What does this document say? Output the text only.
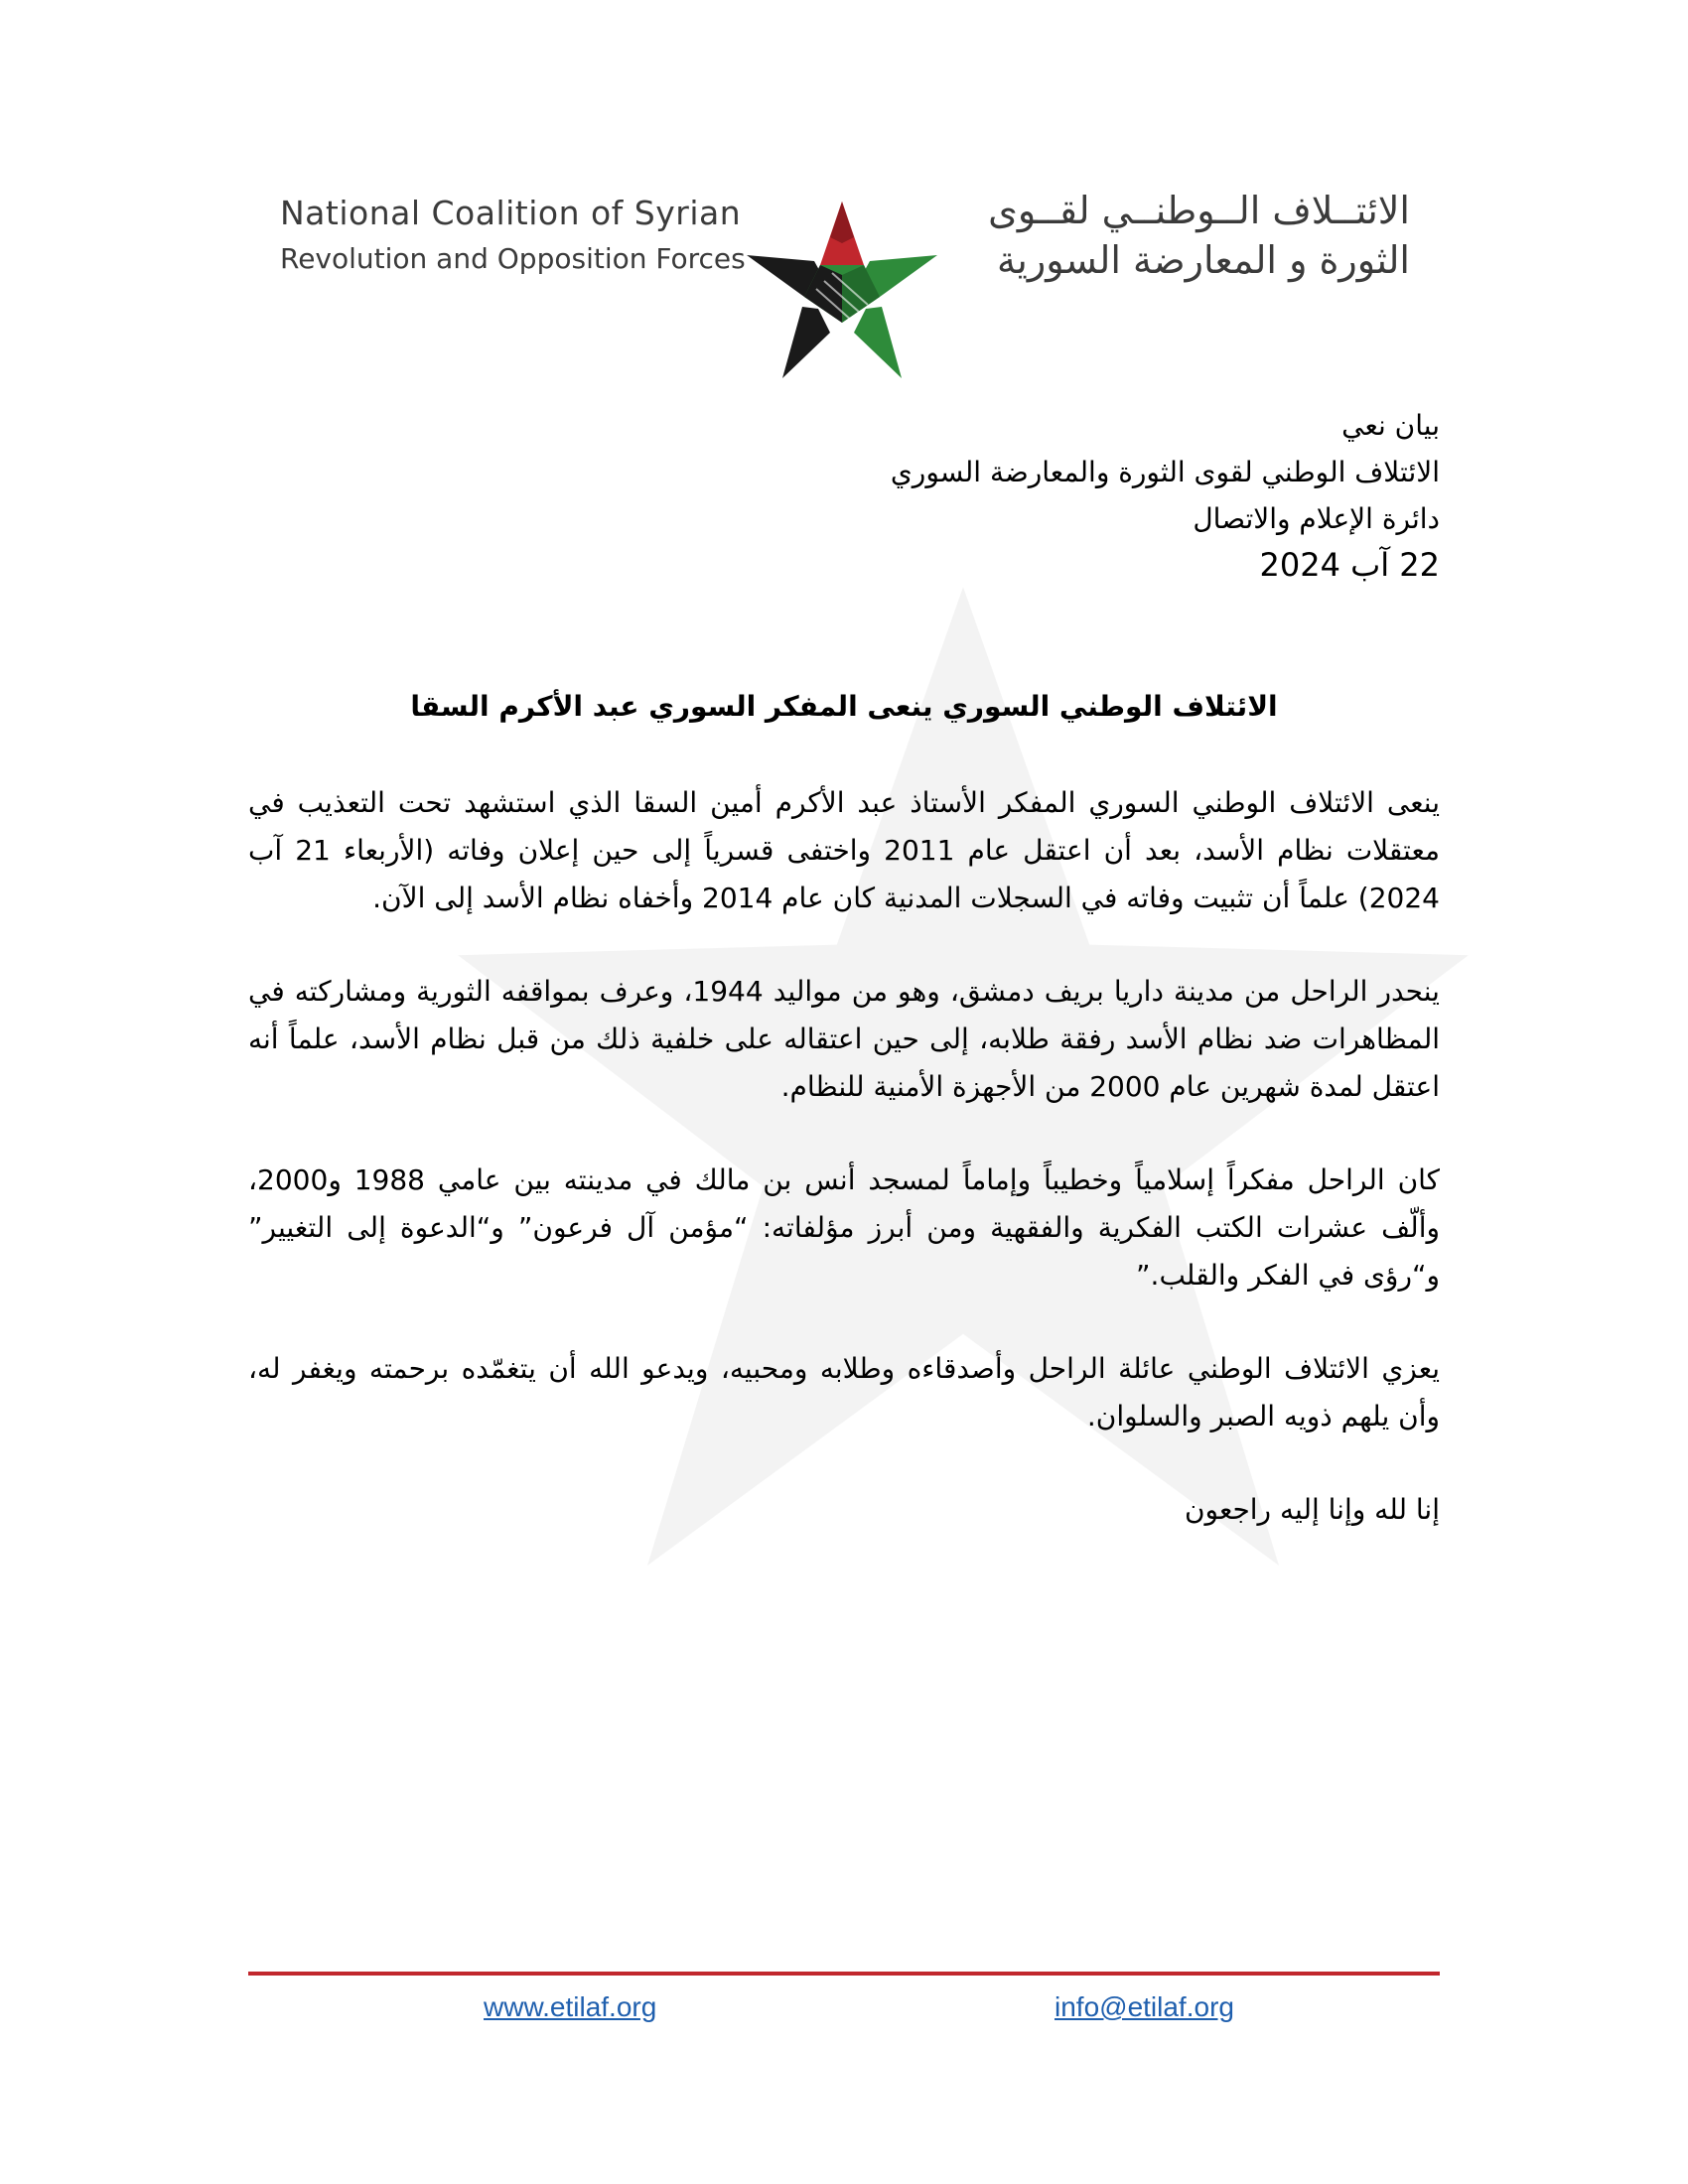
National Coalition of Syrian
Revolution and Opposition Forces
الائتــلاف الــوطنــي لقــوى
الثورة و المعارضة السورية
بيان نعي
الائتلاف الوطني لقوى الثورة والمعارضة السوري
دائرة الإعلام والاتصال
22 آب 2024
الائتلاف الوطني السوري ينعى المفكر السوري عبد الأكرم السقا

ينعى الائتلاف الوطني السوري المفكر الأستاذ عبد الأكرم أمين السقا الذي استشهد تحت التعذيب في معتقلات نظام الأسد، بعد أن اعتقل عام 2011 واختفى قسرياً إلى حين إعلان وفاته (الأربعاء 21 آب 2024) علماً أن تثبيت وفاته في السجلات المدنية كان عام 2014 وأخفاه نظام الأسد إلى الآن.

ينحدر الراحل من مدينة داريا بريف دمشق، وهو من مواليد 1944، وعرف بمواقفه الثورية ومشاركته في المظاهرات ضد نظام الأسد رفقة طلابه، إلى حين اعتقاله على خلفية ذلك من قبل نظام الأسد، علماً أنه اعتقل لمدة شهرين عام 2000 من الأجهزة الأمنية للنظام.

كان الراحل مفكراً إسلامياً وخطيباً وإماماً لمسجد أنس بن مالك في مدينته بين عامي 1988 و2000، وألّف عشرات الكتب الفكرية والفقهية ومن أبرز مؤلفاته: “مؤمن آل فرعون” و“الدعوة إلى التغيير” و“رؤى في الفكر والقلب.”

يعزي الائتلاف الوطني عائلة الراحل وأصدقاءه وطلابه ومحبيه، ويدعو الله أن يتغمّده برحمته ويغفر له، وأن يلهم ذويه الصبر والسلوان.

إنا لله وإنا إليه راجعون

www.etilaf.org	info@etilaf.org
